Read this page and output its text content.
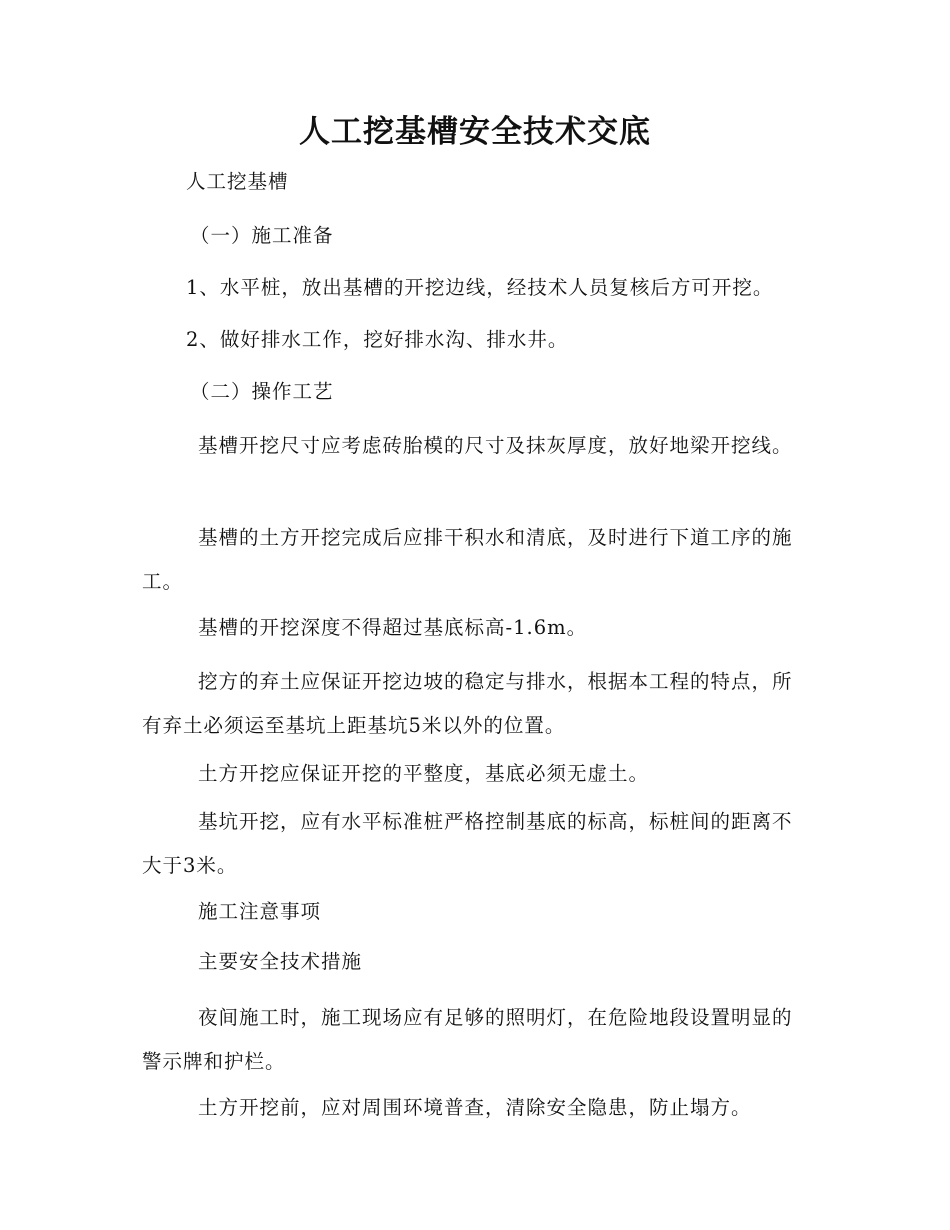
人工挖基槽安全技术交底
人工挖基槽
（一）施工准备
1、水平桩，放出基槽的开挖边线，经技术人员复核后方可开挖。
2、做好排水工作，挖好排水沟、排水井。
（二）操作工艺
基槽开挖尺寸应考虑砖胎模的尺寸及抹灰厚度，放好地梁开挖线。
基槽的土方开挖完成后应排干积水和清底，及时进行下道工序的施工。
基槽的开挖深度不得超过基底标高-1.6m。
挖方的弃土应保证开挖边坡的稳定与排水，根据本工程的特点，所有弃土必须运至基坑上距基坑5米以外的位置。
土方开挖应保证开挖的平整度，基底必须无虚土。
基坑开挖，应有水平标准桩严格控制基底的标高，标桩间的距离不大于3米。
施工注意事项
主要安全技术措施
夜间施工时，施工现场应有足够的照明灯，在危险地段设置明显的警示牌和护栏。
土方开挖前，应对周围环境普查，清除安全隐患，防止塌方。
